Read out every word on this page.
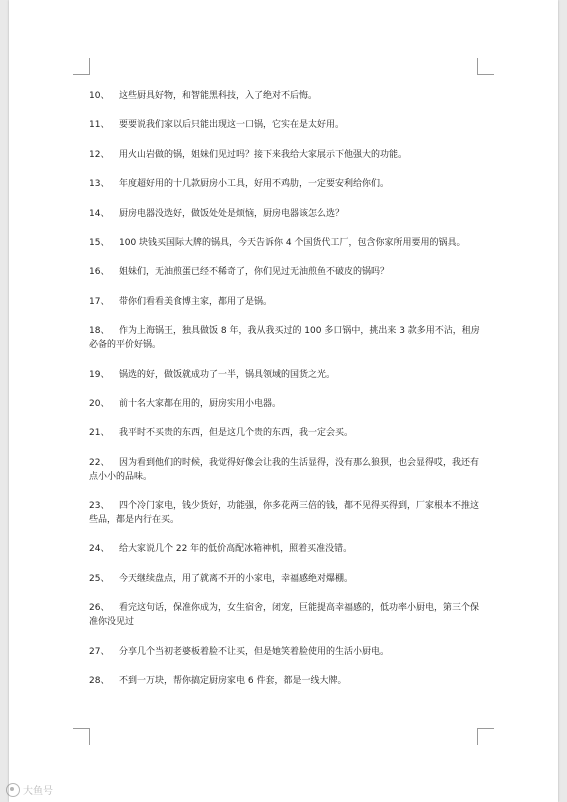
10、	这些厨具好物，和智能黑科技，入了绝对不后悔。
11、	要要说我们家以后只能出现这一口锅，它实在是太好用。
12、	用火山岩做的锅，姐妹们见过吗？接下来我给大家展示下他强大的功能。
13、	年度超好用的十几款厨房小工具，好用不鸡肋，一定要安利给你们。
14、	厨房电器没选好，做饭处处是烦恼，厨房电器该怎么选？
15、 100 块钱买国际大牌的锅具，今天告诉你 4 个国货代工厂，包含你家所用要用的锅具。
16、	姐妹们，无油煎蛋已经不稀奇了，你们见过无油煎鱼不破皮的锅吗？
17、	带你们看看美食博主家，都用了是锅。
18、 作为上海锅王，独具做饭 8 年，我从我买过的 100 多口锅中，挑出来 3 款多用不沾，租房必备的平价好锅。
19、	锅选的好，做饭就成功了一半，锅具领域的国货之光。
20、	前十名大家都在用的，厨房实用小电器。
21、	我平时不买贵的东西，但是这几个贵的东西，我一定会买。
22、 因为看到他们的时候，我觉得好像会让我的生活显得，没有那么狼狈，也会显得哎，我还有点小小的品味。
23、 四个冷门家电，钱少货好，功能强，你多花两三倍的钱，都不见得买得到，厂家根本不推这些品，都是内行在买。
24、	给大家说几个 22 年的低价高配冰箱神机，照着买准没错。
25、	今天继续盘点，用了就离不开的小家电，幸福感绝对爆棚。
26、 看完这句话，保准你成为，女生宿舍，闭宠，巨能提高幸福感的，低功率小厨电，第三个保准你没见过
27、	分享几个当初老婆板着脸不让买，但是她笑着脸使用的生活小厨电。
28、	不到一万块，帮你搞定厨房家电 6 件套，都是一线大牌。
大鱼号
